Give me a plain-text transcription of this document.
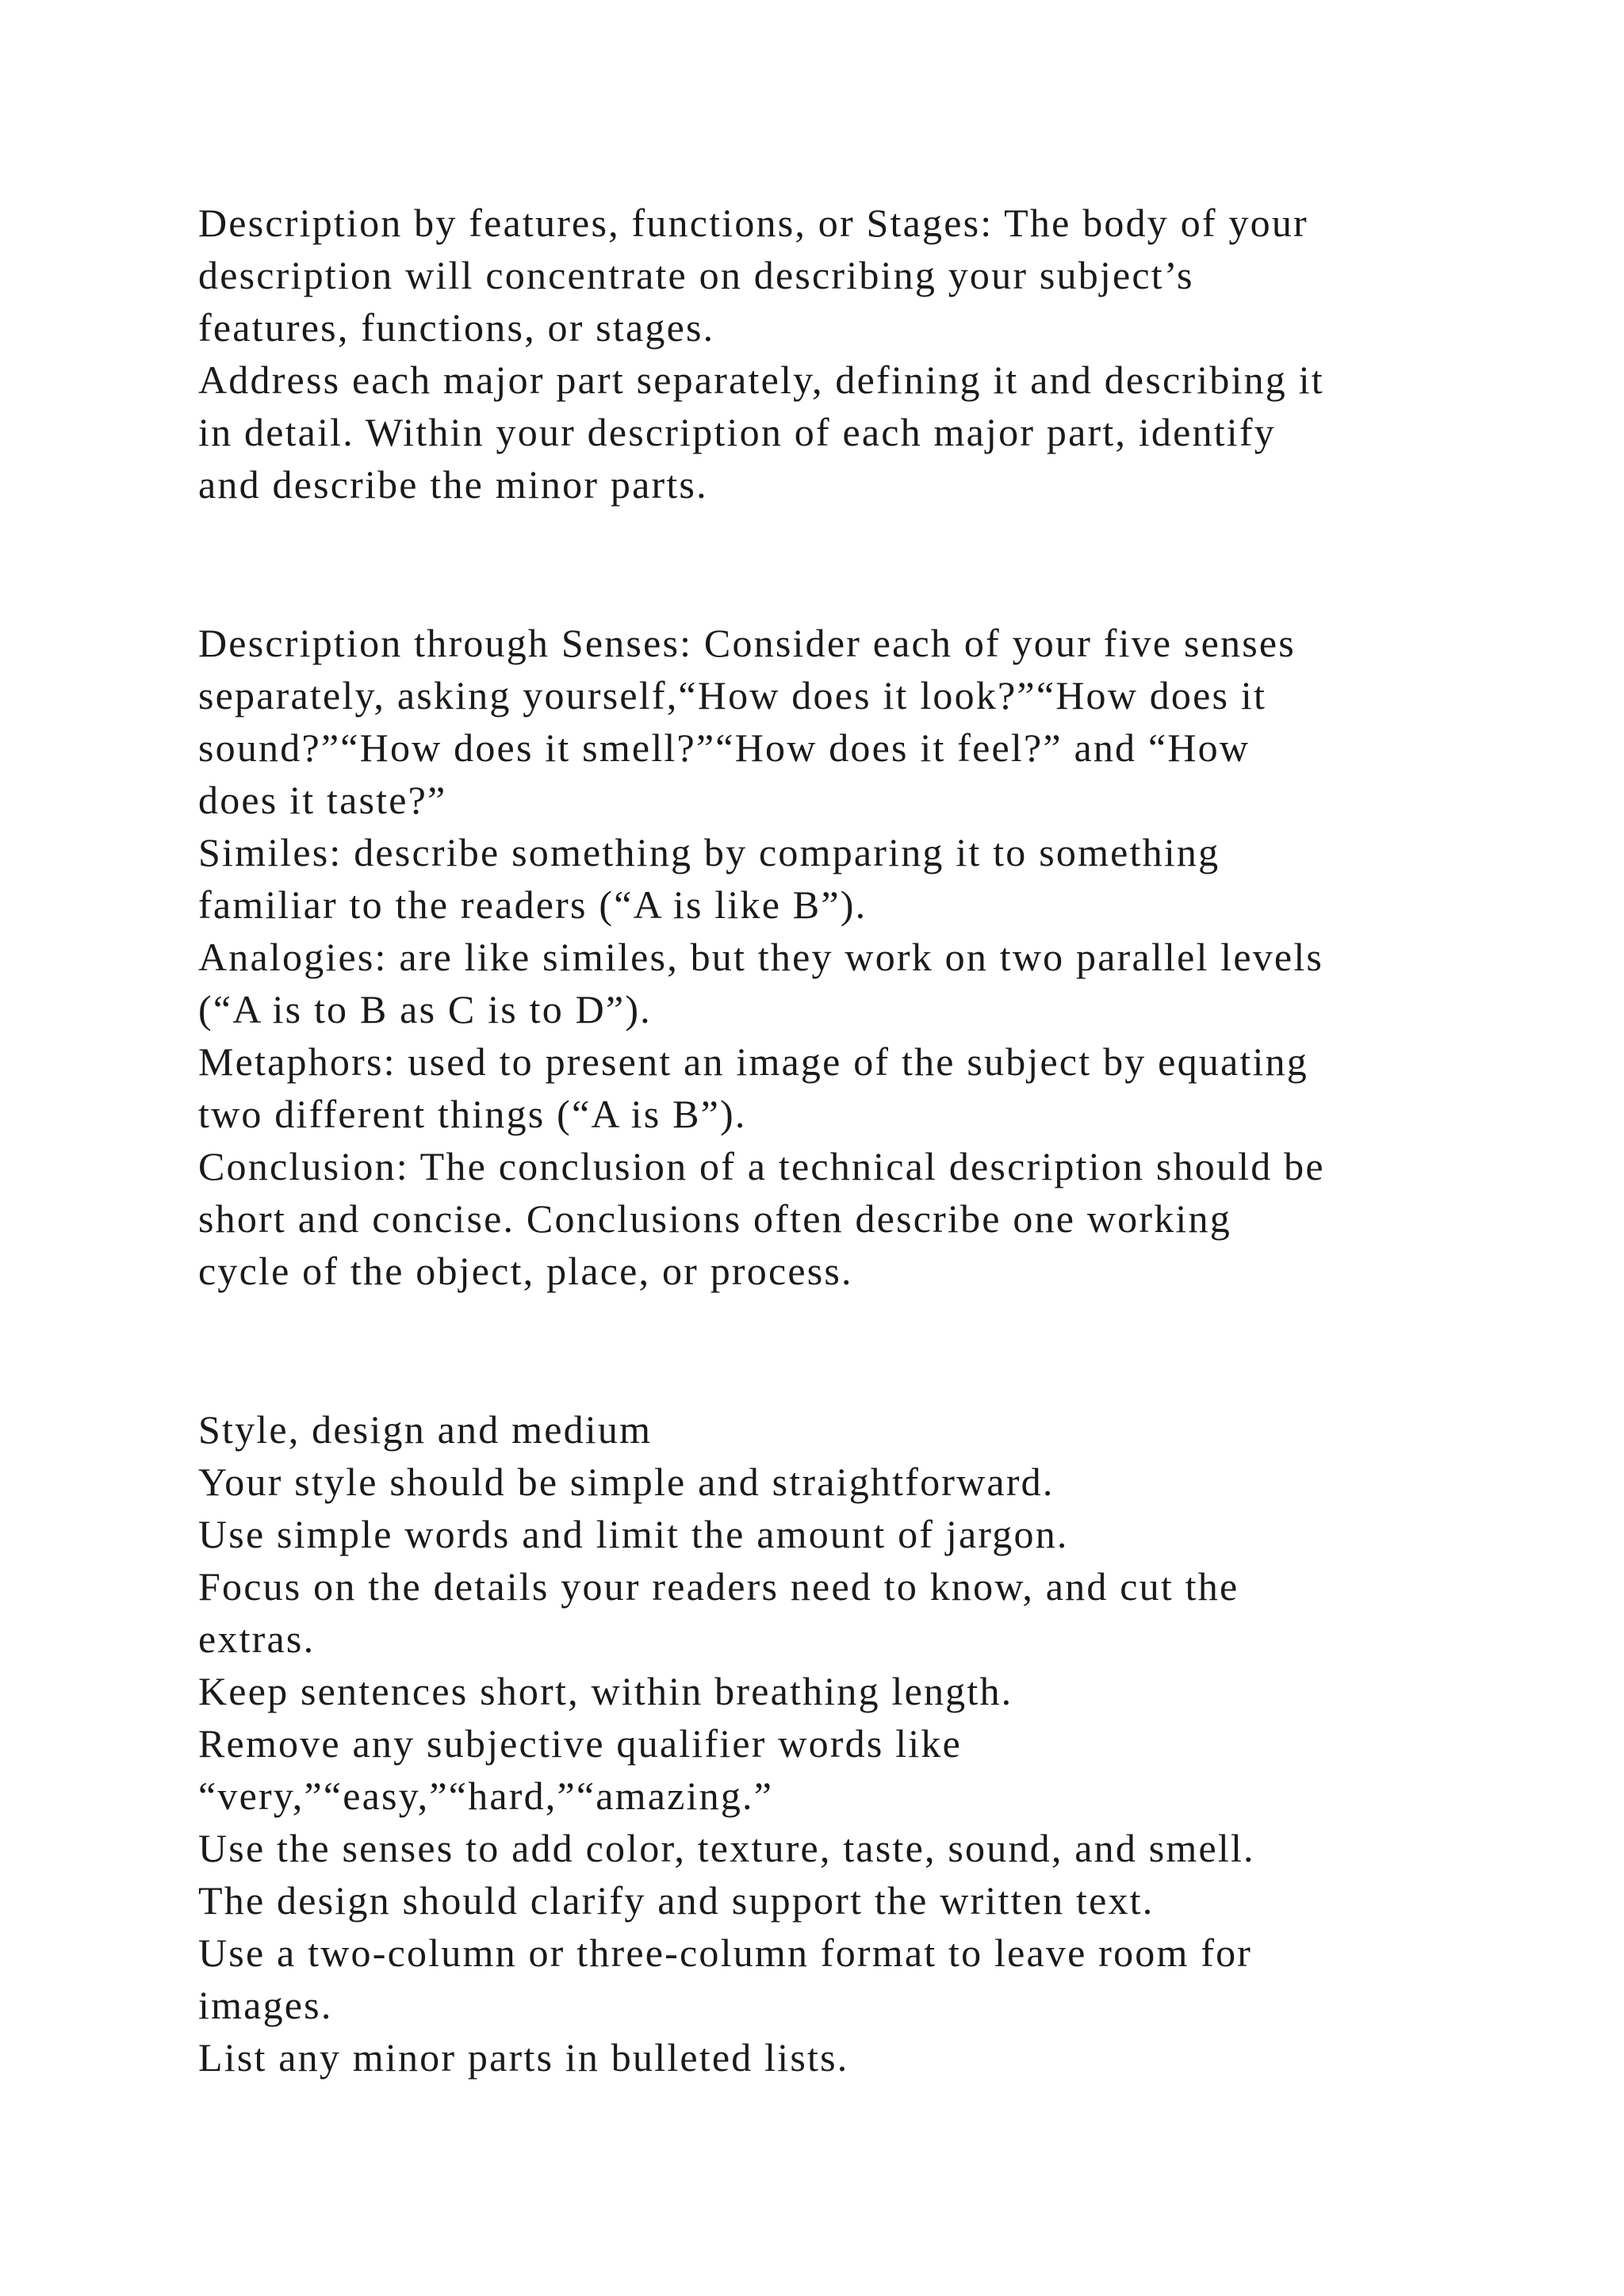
Description by features, functions, or Stages: The body of your
description will concentrate on describing your subject’s
features, functions, or stages.
Address each major part separately, defining it and describing it
in detail. Within your description of each major part, identify
and describe the minor parts.
Description through Senses: Consider each of your five senses
separately, asking yourself,“How does it look?”“How does it
sound?”“How does it smell?”“How does it feel?” and “How
does it taste?”
Similes: describe something by comparing it to something
familiar to the readers (“A is like B”).
Analogies: are like similes, but they work on two parallel levels
(“A is to B as C is to D”).
Metaphors: used to present an image of the subject by equating
two different things (“A is B”).
Conclusion: The conclusion of a technical description should be
short and concise. Conclusions often describe one working
cycle of the object, place, or process.
Style, design and medium
Your style should be simple and straightforward.
Use simple words and limit the amount of jargon.
Focus on the details your readers need to know, and cut the
extras.
Keep sentences short, within breathing length.
Remove any subjective qualifier words like
“very,”“easy,”“hard,”“amazing.”
Use the senses to add color, texture, taste, sound, and smell.
The design should clarify and support the written text.
Use a two-column or three-column format to leave room for
images.
List any minor parts in bulleted lists.
